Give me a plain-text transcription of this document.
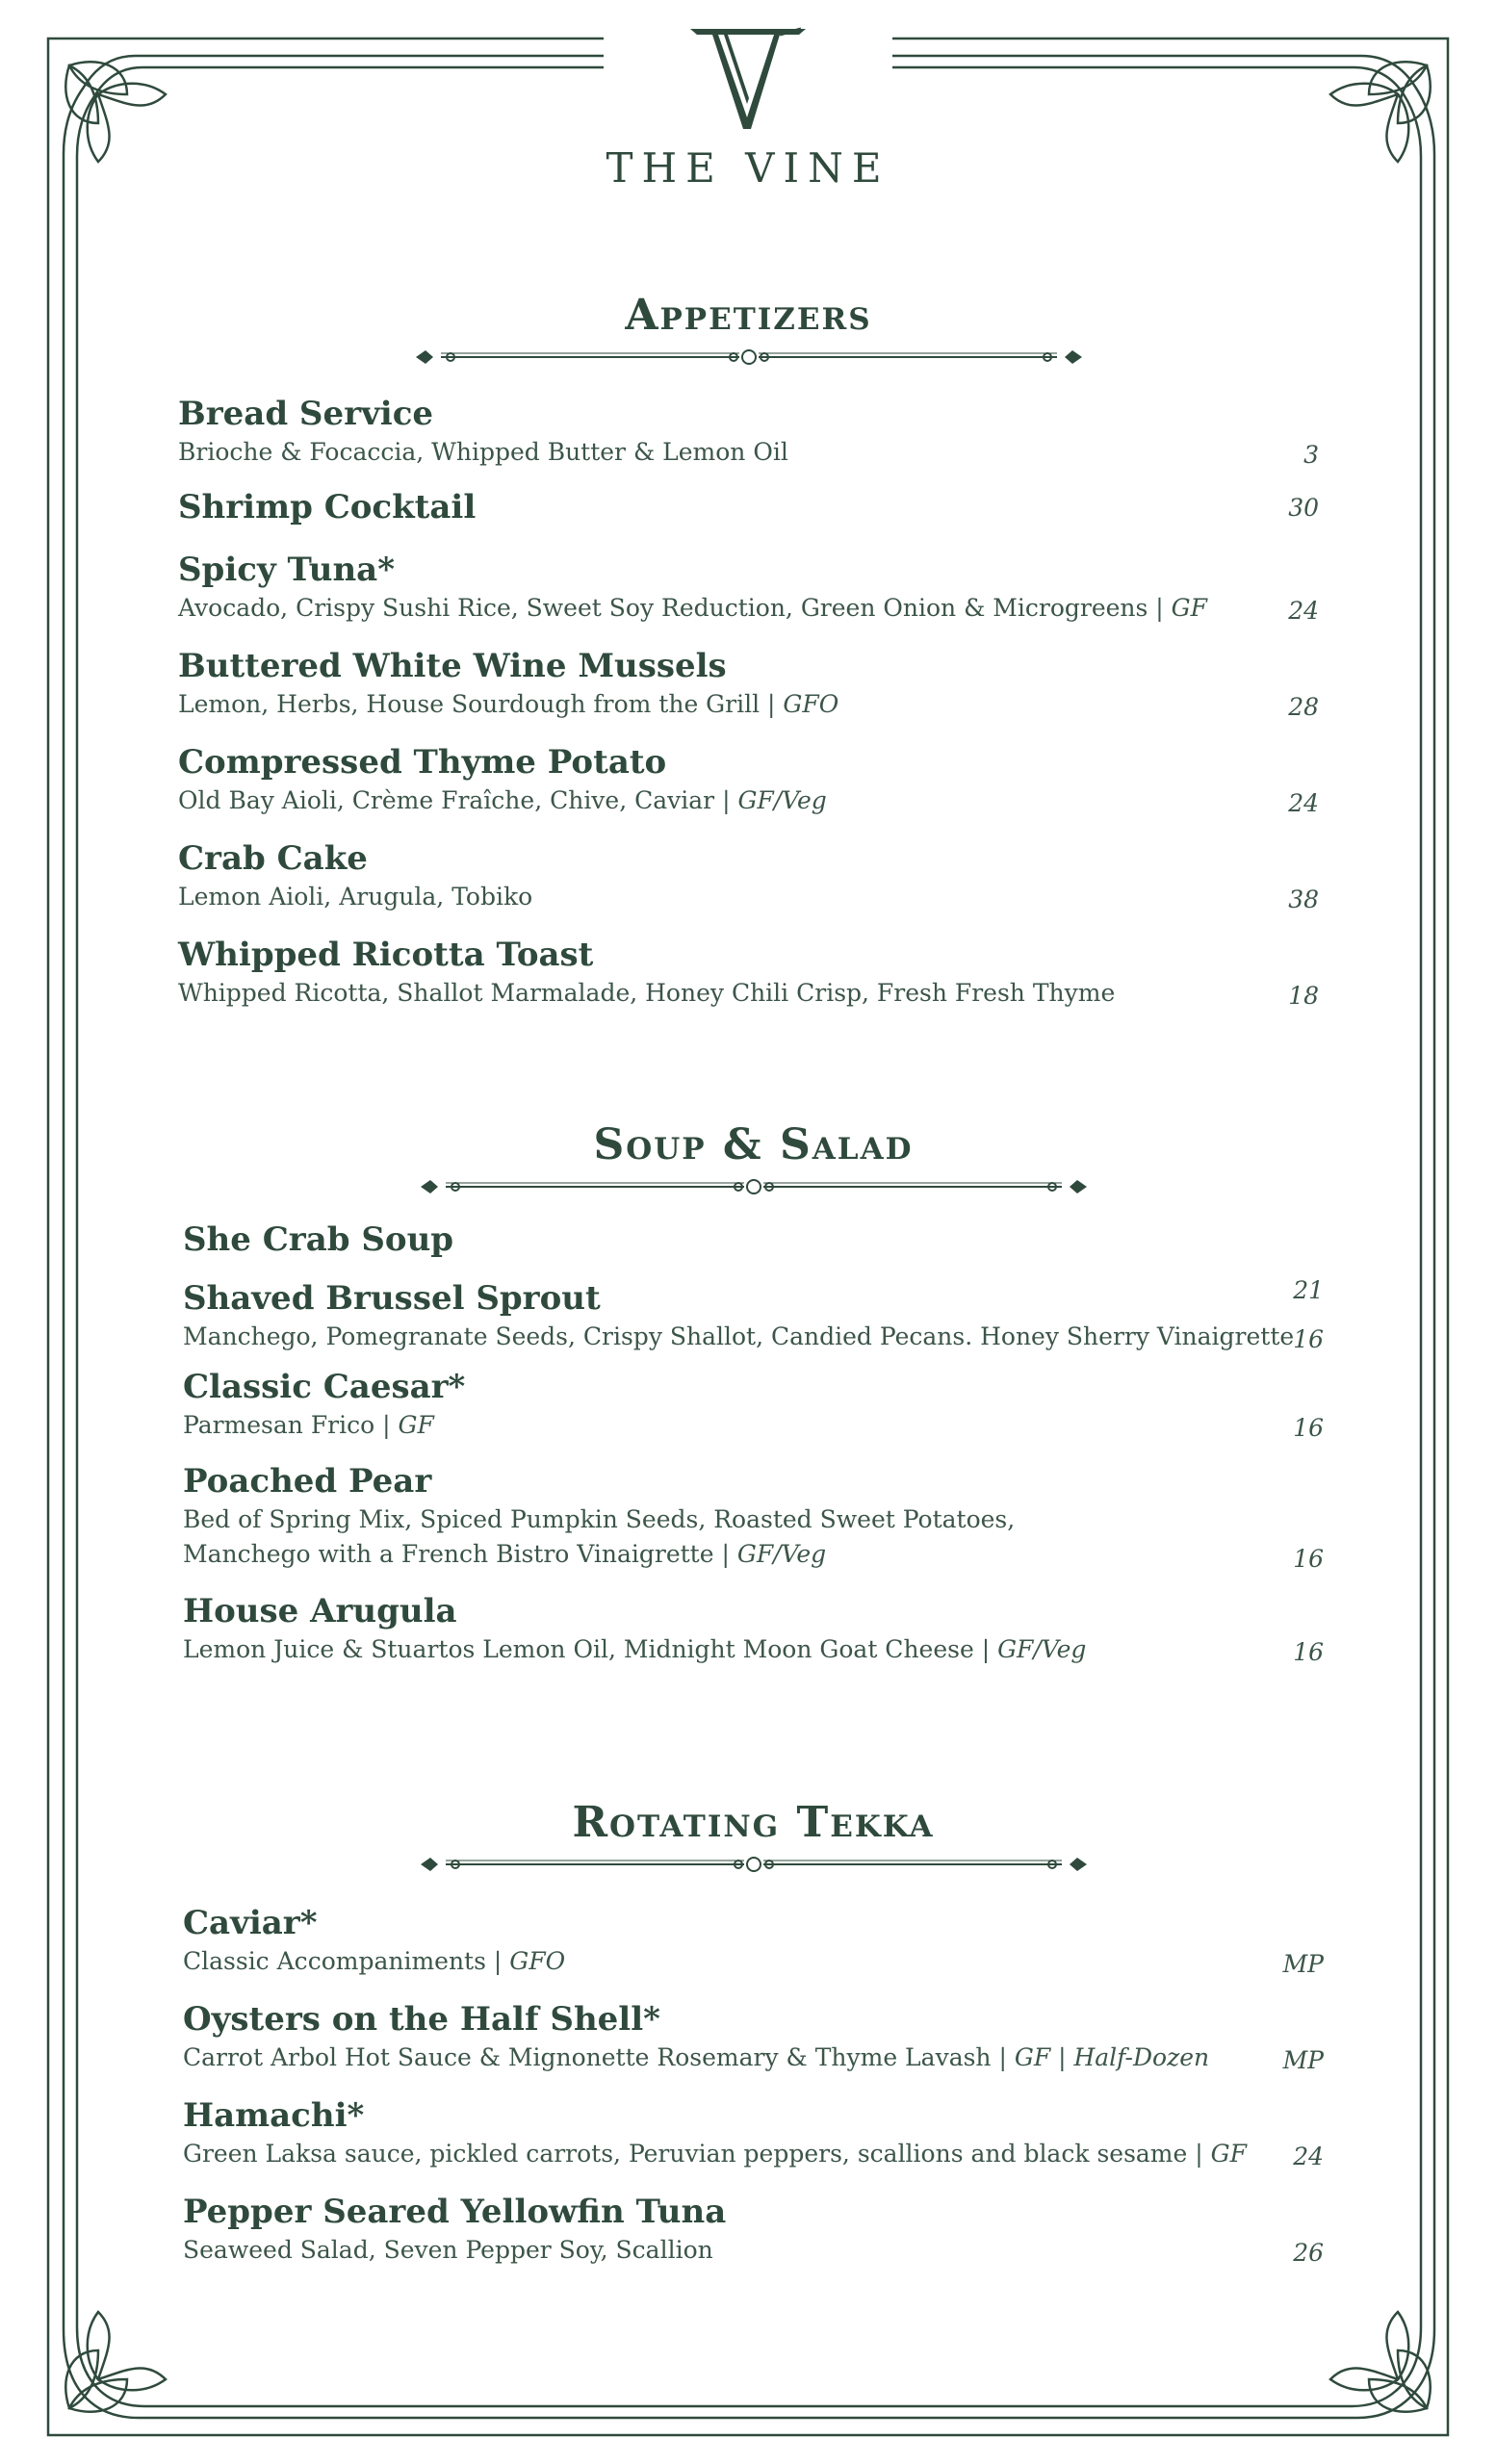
THE VINE
Appetizers
Bread Service
Brioche & Focaccia, Whipped Butter & Lemon Oil	3
Shrimp Cocktail	30
Spicy Tuna*
Avocado, Crispy Sushi Rice, Sweet Soy Reduction, Green Onion & Microgreens | GF	24
Buttered White Wine Mussels
Lemon, Herbs, House Sourdough from the Grill | GFO	28
Compressed Thyme Potato
Old Bay Aioli, Crème Fraîche, Chive, Caviar | GF/Veg	24
Crab Cake
Lemon Aioli, Arugula, Tobiko	38
Whipped Ricotta Toast
Whipped Ricotta, Shallot Marmalade, Honey Chili Crisp, Fresh Fresh Thyme	18
Soup & Salad
She Crab Soup
21
Shaved Brussel Sprout
Manchego, Pomegranate Seeds, Crispy Shallot, Candied Pecans. Honey Sherry Vinaigrette 16
Classic Caesar*
Parmesan Frico | GF	16
Poached Pear
Bed of Spring Mix, Spiced Pumpkin Seeds, Roasted Sweet Potatoes,
Manchego with a French Bistro Vinaigrette | GF/Veg	16
House Arugula
Lemon Juice & Stuartos Lemon Oil, Midnight Moon Goat Cheese | GF/Veg	16
Rotating Tekka
Caviar*
Classic Accompaniments | GFO	MP
Oysters on the Half Shell*
Carrot Arbol Hot Sauce & Mignonette Rosemary & Thyme Lavash | GF | Half-Dozen	MP
Hamachi*
Green Laksa sauce, pickled carrots, Peruvian peppers, scallions and black sesame | GF	24
Pepper Seared Yellowfin Tuna
Seaweed Salad, Seven Pepper Soy, Scallion	26
